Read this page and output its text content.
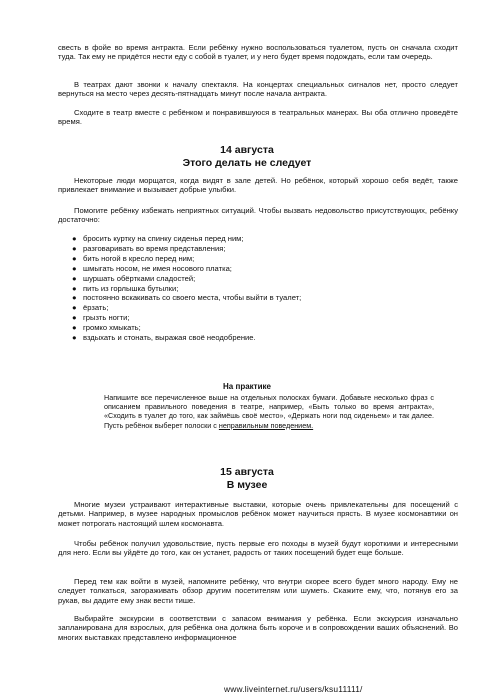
свесть в фойе во время антракта. Если ребёнку нужно воспользоваться туалетом, пусть он сначала сходит туда. Так ему не придётся нести еду с собой в туалет, и у него будет время подождать, если там очередь.

В театрах дают звонки к началу спектакля. На концертах специальных сигналов нет, просто следует вернуться на место через десять-пятнадцать минут после начала антракта.

Сходите в театр вместе с ребёнком и понравившуюся в театральных манерах. Вы оба отлично проведёте время.

14 августа
Этого делать не следует

Некоторые люди морщатся, когда видят в зале детей. Но ребёнок, который хорошо себя ведёт, также привлекает внимание и вызывает добрые улыбки.

Помогите ребёнку избежать неприятных ситуаций. Чтобы вызвать недовольство присутствующих, ребёнку достаточно:

● бросить куртку на спинку сиденья перед ним;
● разговаривать во время представления;
● бить ногой в кресло перед ним;
● шмыгать носом, не имея носового платка;
● шуршать обёртками сладостей;
● пить из горлышка бутылки;
● постоянно вскакивать со своего места, чтобы выйти в туалет;
● ёрзать;
● грызть ногти;
● громко хмыкать;
● вздыхать и стонать, выражая своё неодобрение.
На практике

Напишите все перечисленное выше на отдельных полосках бумаги. Добавьте несколько фраз с описанием правильного поведения в театре, например, «Быть только во время антракта», «Сходить в туалет до того, как займёшь своё место», «Держать ноги под сиденьем» и так далее. Пусть ребёнок выберет полоски с неправильным поведением.

15 августа
В музее

Многие музеи устраивают интерактивные выставки, которые очень привлекательны для посещений с детьми. Например, в музее народных промыслов ребёнок может научиться прясть. В музее космонавтики он может потрогать настоящий шлем космонавта.

Чтобы ребёнок получил удовольствие, пусть первые его походы в музей будут короткими и интересными для него. Если вы уйдёте до того, как он устанет, радость от таких посещений будет еще больше.

Перед тем как войти в музей, напомните ребёнку, что внутри скорее всего будет много народу. Ему не следует толкаться, загораживать обзор другим посетителям или шуметь. Скажите ему, что, потянув его за рукав, вы дадите ему знак вести тише.

Выбирайте экскурсии в соответствии с запасом внимания у ребёнка. Если экскурсия изначально запланирована для взрослых, для ребёнка она должна быть короче и в сопровождении ваших объяснений. Во многих выставках представлено информационное

www.liveinternet.ru/users/ksu11111/
